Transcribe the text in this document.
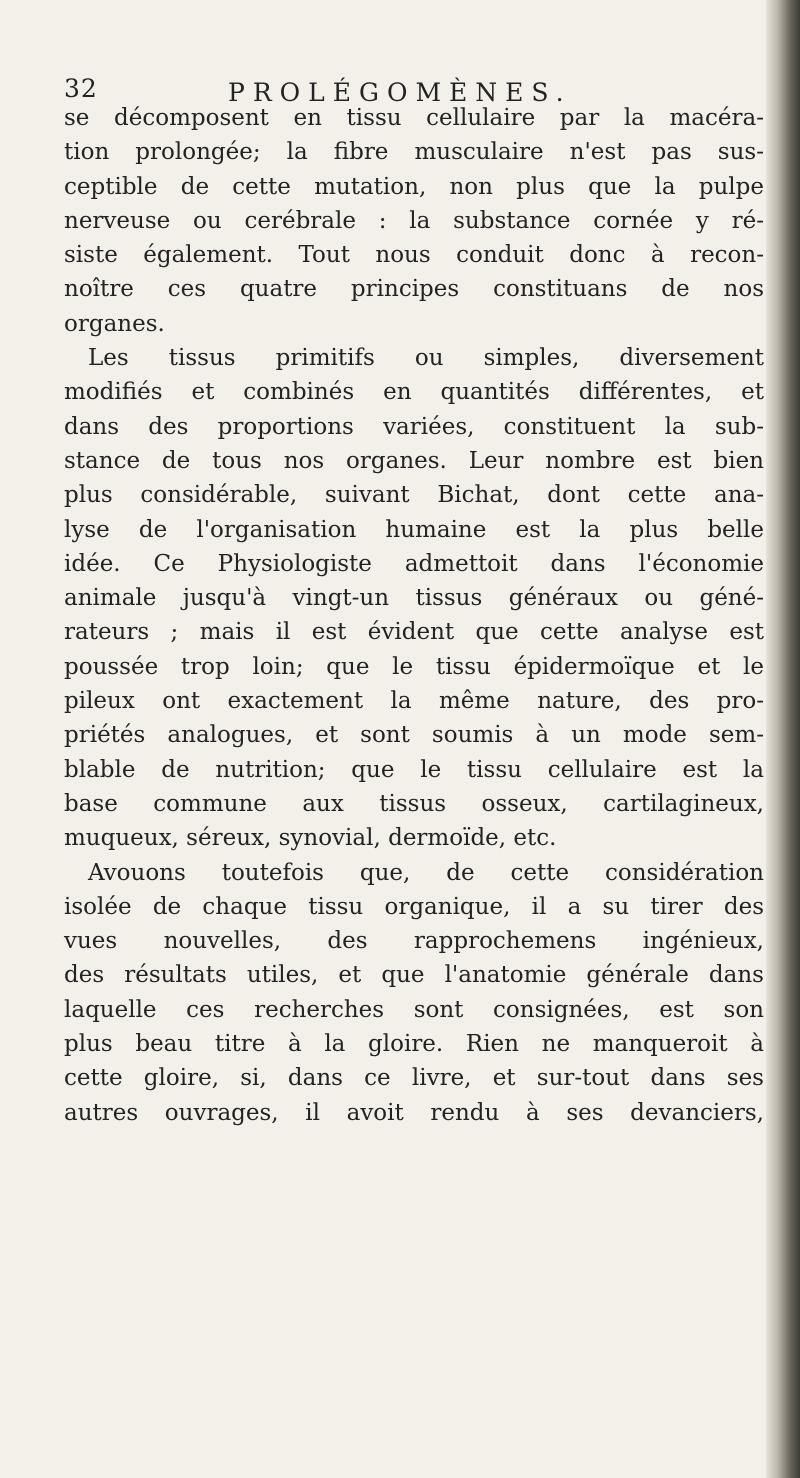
32	PROLÉGOMÈNES.
se décomposent en tissu cellulaire par la macéra-
tion prolongée; la fibre musculaire n'est pas sus-
ceptible de cette mutation, non plus que la pulpe
nerveuse ou cerébrale : la substance cornée y ré-
siste également. Tout nous conduit donc à recon-
noître ces quatre principes constituans de nos
organes.
Les tissus primitifs ou simples, diversement
modifiés et combinés en quantités différentes, et
dans des proportions variées, constituent la sub-
stance de tous nos organes. Leur nombre est bien
plus considérable, suivant Bichat, dont cette ana-
lyse de l'organisation humaine est la plus belle
idée. Ce Physiologiste admettoit dans l'économie
animale jusqu'à vingt-un tissus généraux ou géné-
rateurs ; mais il est évident que cette analyse est
poussée trop loin; que le tissu épidermoïque et le
pileux ont exactement la même nature, des pro-
priétés analogues, et sont soumis à un mode sem-
blable de nutrition; que le tissu cellulaire est la
base commune aux tissus osseux, cartilagineux,
muqueux, séreux, synovial, dermoïde, etc.
Avouons toutefois que, de cette considération
isolée de chaque tissu organique, il a su tirer des
vues nouvelles, des rapprochemens ingénieux,
des résultats utiles, et que l'anatomie générale dans
laquelle ces recherches sont consignées, est son
plus beau titre à la gloire. Rien ne manqueroit à
cette gloire, si, dans ce livre, et sur-tout dans ses
autres ouvrages, il avoit rendu à ses devanciers,
